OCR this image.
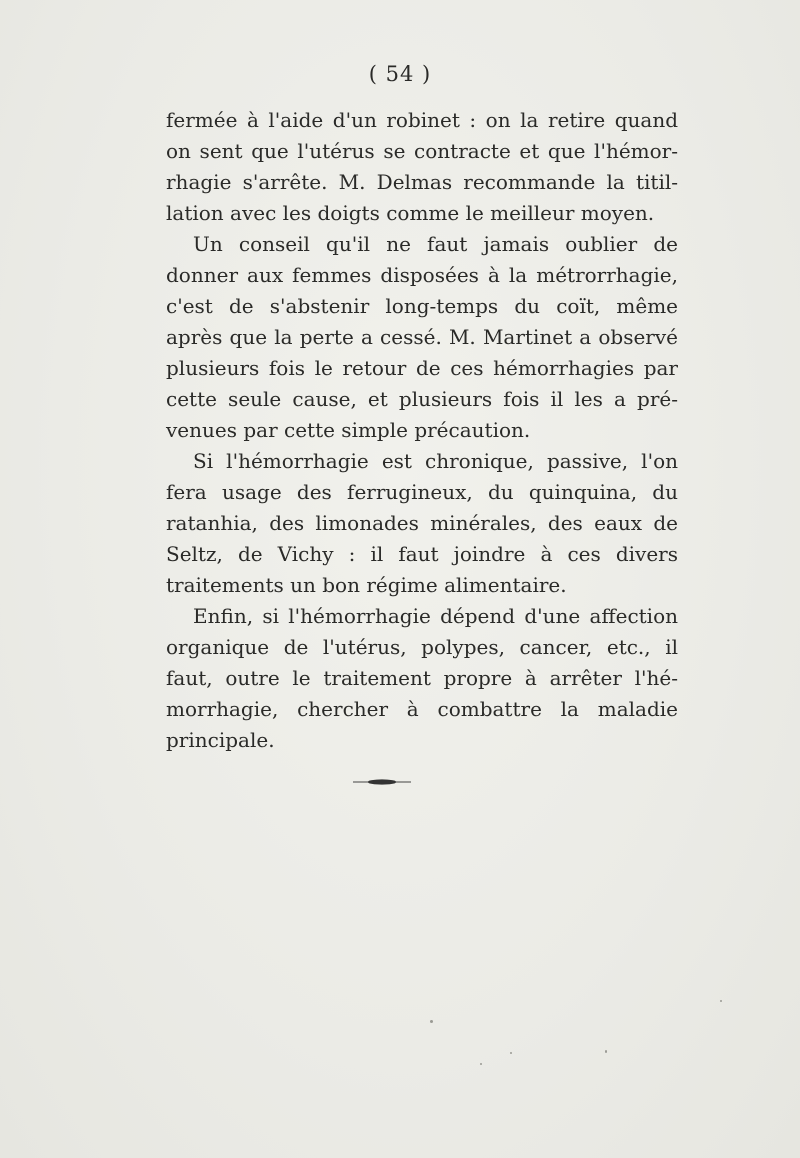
( 54 )
fermée à l'aide d'un robinet : on la retire quand
on sent que l'utérus se contracte et que l'hémor-
rhagie s'arrête. M. Delmas recommande la titil-
lation avec les doigts comme le meilleur moyen.
Un conseil qu'il ne faut jamais oublier de
donner aux femmes disposées à la métrorrhagie,
c'est de s'abstenir long-temps du coït, même
après que la perte a cessé. M. Martinet a observé
plusieurs fois le retour de ces hémorrhagies par
cette seule cause, et plusieurs fois il les a pré-
venues par cette simple précaution.
Si l'hémorrhagie est chronique, passive, l'on
fera usage des ferrugineux, du quinquina, du
ratanhia, des limonades minérales, des eaux de
Seltz, de Vichy : il faut joindre à ces divers
traitements un bon régime alimentaire.
Enfin, si l'hémorrhagie dépend d'une affection
organique de l'utérus, polypes, cancer, etc., il
faut, outre le traitement propre à arrêter l'hé-
morrhagie, chercher à combattre la maladie
principale.
